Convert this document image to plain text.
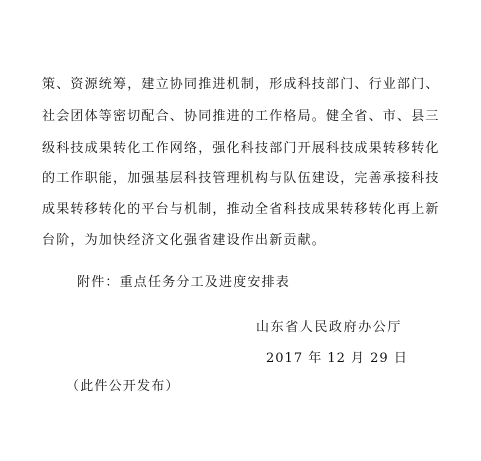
策、资源统筹，建立协同推进机制，形成科技部门、行业部门、
社会团体等密切配合、协同推进的工作格局。健全省、市、县三
级科技成果转化工作网络，强化科技部门开展科技成果转移转化
的工作职能，加强基层科技管理机构与队伍建设，完善承接科技
成果转移转化的平台与机制，推动全省科技成果转移转化再上新
台阶，为加快经济文化强省建设作出新贡献。
附件：重点任务分工及进度安排表
山东省人民政府办公厅
2017 年 12 月 29 日
（此件公开发布）
